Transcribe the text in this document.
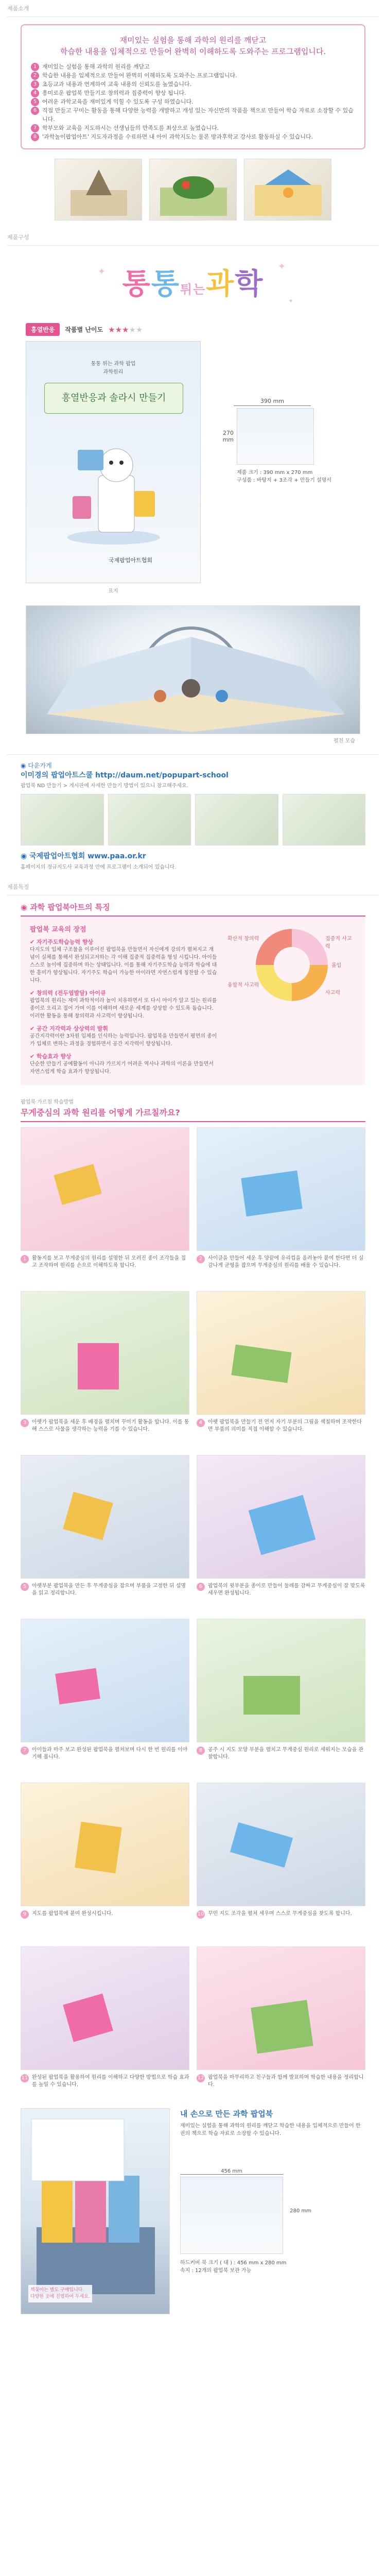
제품소개
재미있는 실험을 통해 과학의 원리를 깨닫고
학습한 내용을 입체적으로 만들어 완벽히 이해하도록 도와주는 프로그램입니다.
1 재미있는 실험을 통해 과학의 원리를 깨닫고
2 학습한 내용을 입체적으로 만들어 완벽히 이해하도록 도와주는 프로그램입니다.
3 초등교과 내용과 연계하여 교육 내용의 신뢰도를 높였습니다.
4 흥미로운 팝업북 만들기로 창의력과 집중력이 향상 됩니다.
5 어려운 과학교육을 재미있게 익힐 수 있도록 구성 하였습니다.
6 직접 만들고 꾸미는 활동을 통해 다양한 능력을 개발하고 개성 있는 자신만의 작품을 책으로 만들어 학습 자료로 소장할 수 있습니다.
7 학부모와 교육을 지도하시는 선생님들의 만족도를 최상으로 높였습니다.
8 '과학놀이팝업아트' 지도자과정을 수료하면 내 아이 과학지도는 물론 방과후학교 강사로 활동하실 수 있습니다.
제품구성
✦	✦
✦
통통튀는과학
흥열반응	작품별 난이도 ★★★★★
통통 튀는 과학 팝업
과학원리
흥열반응과 솔라시 만들기
국제팝업아트협회
표지
390 mm
270 mm
제품 크기 : 390 mm x 270 mm
구성품 : 바탕지 + 3조각 + 만들기 설명서
펼친 모습
◉ 다운가게
이미경의 팝업아트스쿨 http://daum.net/popupart-school
팝업북 ND 만들기 > 게시판에 자세한 만들기 방법이 있으니 참고해주세요.
◉ 국제팝업아트협회 www.paa.or.kr
홈페이지의 정규지도사 교육과정 안에 프로그램이 소개되어 있습니다.
제품특징
◉ 과학 팝업북아트의 특징
팝업북 교육의 장점
✔ 자기주도학습능력 향상
다지도의 입체 구조물을 이루어진 팝업북을 만들면서 자신에게 강의가 펼쳐지고 개념이 실체를 통해서 완성되고저하는 각 이해 집중적 집중력을 형성 시킵니다. 아이들 스스로 놀이에 집중하며 하는 상태입니다. 이를 통해 자기주도학습 능력과 학습에 대한 흥미가 향상됩니다. 자기주도 학습이 가능한 아이라면 자연스럽게 칭찬할 수 있습니다.
✔ 창의력 (전두엽발달) 아이큐
팝업북의 원리는 재미 과학적이라 놀이 치유하면서 또 다시 아이가 알고 있는 원리를 종이로 오리고 접어 가며 이를 이해하며 새로운 세계를 상상할 수 있도록 돕습니다. 이러한 활동을 통해 창의력과 사고력이 향상됩니다.
✔ 공간 지각력과 상상력의 발휘
공간지각력이란 3차원 입체를 인식하는 능력입니다. 팝업북을 만들면서 평면의 종이가 입체로 변하는 과정을 경험하면서 공간 지각력이 향상됩니다.
✔ 학습효과 향상
단순한 만들기 공예활동이 아니라 가르치기 어려운 역사나 과학의 이론을 만들면서 자연스럽게 학습 효과가 향상됩니다.
확산적 창의력
융합적 사고력
집중적 사고력
몰입
사고력
팝업북 가르침 학습방법
무게중심의 과학 원리를 어떻게 가르칠까요?
1	활동지를 보고 무게중심의 원리를 설명한 뒤 오려진 종이 조각들을 접고 조작하며 원리를 손으로 이해하도록 합니다.
2	사이클을 만들어 세운 후 양끝에 유리컵을 올려놓아 붙여 한다면 더 실감나게 균형을 잡으며 무게중심의 원리를 배울 수 있습니다.
3	아랫가 팝업북을 세운 후 배경을 펼치며 꾸미기 활동을 합니다. 이를 통해 스스로 사물을 생각하는 능력을 기를 수 있습니다.
4	아랫 팝업북을 만들기 전 먼저 자기 부분의 그림을 색칠하며 조작한다면 부품의 의미를 직접 이해할 수 있습니다.
5	아랫부분 팝업북을 만든 후 무게중심을 잡으며 부품을 고정한 뒤 설명을 읽고 정리합니다.
6	팝업북의 윗부분을 종이로 만들어 둘레를 감싸고 무게중심이 잘 맞도록 세우면 완성됩니다.
7	아이들과 마주 보고 완성된 팝업북을 펼쳐보며 다시 한 번 원리를 이야기해 봅니다.
8	공주 시 지도 모양 부분을 펼치고 무게중심 원리로 세워지는 모습을 관찰합니다.
9	지도를 팝업북에 붙여 완성시킵니다.	10 꾸민 지도 조각을 펼쳐 세우며 스스로 무게중심을 찾도록 합니다.
11 완성된 팝업북을 활용하여 원리를 이해하고 다양한 방법으로 학습 효과를 높일 수 있습니다.
12 팝업북을 마무리하고 친구들과 함께 발표하며 학습한 내용을 정리합니다.
책꽂이는 별도 구매입니다.
다양한 곳에 진열하여 두세요.
내 손으로 만든 과학 팝업북
재미있는 실험을 통해 과학의 원리를 깨닫고 학습한 내용을 입체적으로 만들어 한 권의 책으로 학습 자료로 소장할 수 있습니다.
456 mm
280 mm
하드커버 북 크기 ( 대 ) : 456 mm x 280 mm
속지 : 12개의 팝업북 보관 가능
